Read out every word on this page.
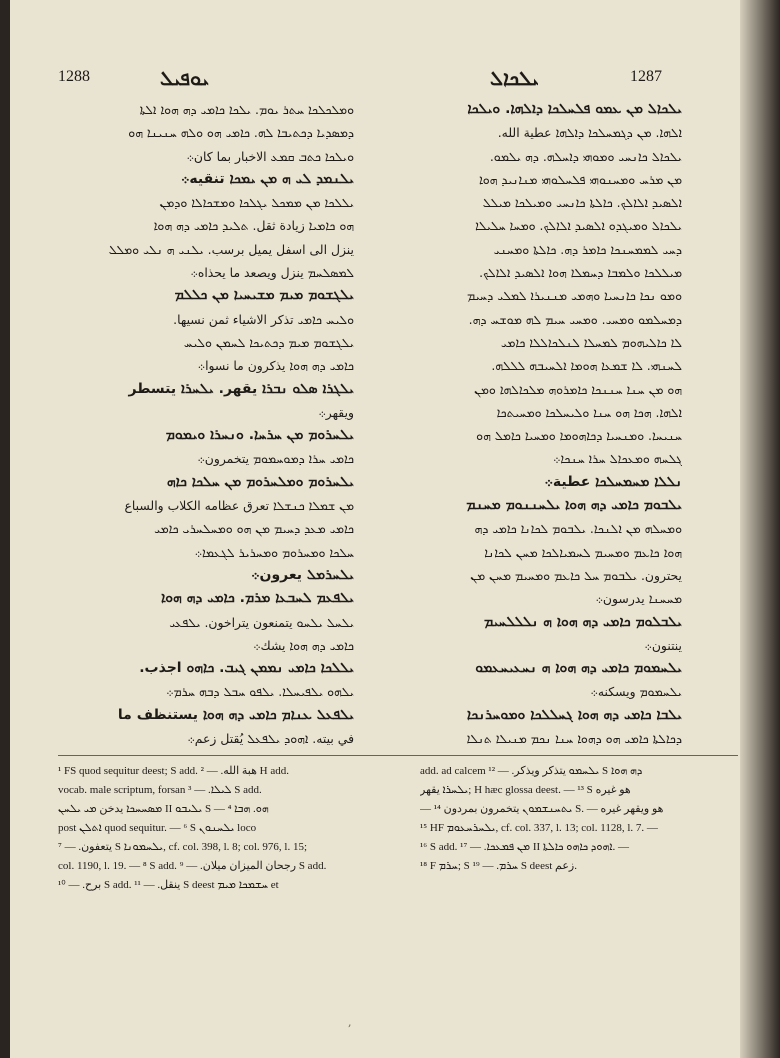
1288	ܝܘܦܝܠ	ܝܠܟܐܠ	1287
ܘܡܠܟܠܟܐ ܚܬܪ ܝܘܡ. ܝܠܟܐ ܟܐܡܝ ܕܗ ܗܘܐ ܐܠܬܐ
ܕܡܣܕܝܐ ܕܟܬܝܒܐ ܠܗ. ܟܐܡܝ ܗܘ ܘܠܗ ܚܢܝܢܐ ܗܘ
ܘܝܠܟܐ ܟܬܒ ܩܡܥ الاخبار بما كان܀
ܝܠܢܡܕ ܠܝ ܗ ܡܢ ܝܡܟܐ تنقيه܀
ܝܠܠܟܐ ܡܢ ܡܡܟܠ ܝܓܠܟܐ ܘܡܫܟܐܠܐ ܘܕܡܢ
ܗܘ ܟܐܡܝܐ زيادة ثقل. ܬܠܝܕ ܟܐܡܝ ܕܗ ܗܘܐ
ينزل الى اسفل يميل برسب. ܝܠܢܝ ܗ ܢܠܝ ܘܡܠܠ
ܠܡܣܠܚܡ ينزل ويصعد ما يحذاه܀
ܝܠܓܫܘܡ ܡܝܡ ܡܫܝܚܝܐ ܡܢ ܟܠܠܡ
ܘܠܝܚ ܟܐܡܝ تذكر الاشياء ثمن نسيها.
ܝܠܓܫܘܡ ܡܝܡ ܕܟܬܝܟܐ ܠܚܡܢ ܘܠܝܚ
ܟܐܡܝ ܕܗ ܗܘܐ يذكرون ما نسوا܀
ܝܠܓܪܐ ܣܠܘ ܢܒܪܐ يقهر. ܝܠܚܪܐ يتسطر
ويقهر܀
ܝܠܚܪܘܡ ܡܢ ܚܪܚܐ. ܘܢܚܪܐ ܘܝܡܘܡ
ܟܐܡܝ ܚܪܐ ܕܡܘܚܡܘܡ يتخمرون܀
ܝܠܚܪܘܡ ܘܡܠܚܪܘܡ ܡܢ ܚܠܟܐ ܟܐܗ
ܡܢ ܫܡܠܐ ܟܢܫܠܐ تعرق عظامه الكلاب والسباع
ܟܐܡܝ ܡܥܕ ܕܚܝܡ ܡܢ ܗܘ ܘܡܚܠܚܪܝ ܟܐܡܝ
ܚܠܟܐ ܘܡܚܪܘܡ ܘܡܚܪܝܪ ܠܓܥܡܐ܀
ܝܠܚܪܡܠ يعرون܀
ܝܠܦܥܡ ܠܚܒܥܐ ܡܪܡ. ܟܐܡܝ ܕܗ ܗܘܐ
ܝܠܚܠ ܝܠܚܘ يتمنعون يتراخون. ܝܠܦܥܝ
ܟܐܡܝ ܕܗ ܗܘܐ يشك܀
ܝܠܠܟܐ ܟܐܡܝ ܢܡܡܢ ܓܝܒ. ܟܐܗܘ اجذب.
ܝܠܗܘ ܝܠܦܝܚܠܐ. ܝܠܦܘ ܚܒܠ ܕܒܗ ܚܪܡ܀
ܝܠܦܥܠ ܥܢܐܡ ܟܐܡܝ ܕܗ ܗܘܐ يستنظف ما
في بيته. ܐܗܘܕ ܝܠܦܥܠ يُقتل زعم܀
ܝܠܟܐܠ ܡܢ ܥܡܘ ܦܠܚܠܟܐ ܕܐܠܗܐ. ܘܝܠܟܐ
ܐܠܗܐ. ܡܢ ܕܓܡܚܠܟܐ ܕܐܠܗܐ عطية الله.
ܝܠܟܐܠ ܟܐܢܚܝ ܘܡܘܗܝ ܕܐܚܠܗ. ܕܗ ܝܠܡܘ.
ܡܢ ܡܪܚ ܘܡܚܢܘܗܝ ܦܠܚܠܘܗܝ ܡܢܐܢܝܕ ܗܘܐ
ܐܠܣܝܕ ܐܠܐܠܟ. ܟܐܠܬܐ ܟܐܢܚܝ ܘܡܝܠܟܐ ܡܝܠܠ
ܝܠܟܐܠ ܘܡܝܓܕܘ ܐܠܣܝܕ ܐܠܐܠܟ. ܘܡܚܐ ܚܠܝܠܐ
ܕܚܝ ܠܡܡܚܢܟܐ ܟܐܡܪ ܕܗ. ܟܐܠܬܐ ܘܡܚܢܝ
ܡܝܠܠܟܐ ܘܠܡܒܐ ܕܚܡܠܐ ܗܘܐ ܐܠܣܝܕ ܐܠܐܠܟ.
ܘܡܘ ܢܟܐ ܟܐܢܚܝܐ ܘܗܡܝ ܡܢܢܝܪܐ ܠܡܠܝ ܕܚܝܡ
ܕܡܚܠܡܘ ܘܡܚܝ. ܘܡܚܝ ܚܝܡ ܠܗ ܡܘܫܚ ܕܗ.
ܠܐ ܟܐܠܝܗܘܡ ܠܡܚܠܐ ܠܢܠܟܐܠܠܐ ܟܐܡܝ
ܠܚܢܗܝ. ܠܐ ܫܡܥܐ ܗܘܡܐ ܐܠܚܝܒܗ ܠܠܠܗ.
ܗܘ ܡܢ ܚܢܐ ܚܢܢܟܐ ܟܐܡܪܘܗ ܡܠܟܐܠܗܐ ܘܡܢ
ܐܠܗܐ. ܗܟܐ ܗܘ ܚܢܐ ܘܠܝܚܠܟܐ ܘܡܚܝܬܟܐ
ܚܢܝܚܐ. ܘܡܢܚܝܐ ܕܟܐܗܘܡܐ ܘܡܚܝܐ ܟܐܡܠ ܗܘ
ܓܠܚܗ ܘܡܥܟܐܠ ܚܪܐ ܚܢܟܐ܀
ܢܠܠܐ ܡܚܡܚܠܟܐ عطية܀
ܝܠܒܘܡ ܟܐܡܝ ܕܗ ܗܘܐ ܝܠܚܢܢܘܡ ܡܚܢܡ
ܘܡܚܠܗ ܡܢ ܐܠܢܟܐ. ܝܠܒܘܡ ܠܟܐܢܐ ܟܐܡܝ ܕܗ
ܗܘܐ ܟܐܥܡ ܘܡܚܝܡ ܠܚܡܝܐܠܟܐ ܡܚܢ ܠܟܐܢܐ
يحترون. ܝܠܒܘܡ ܚܠ ܟܐܥܡ ܘܡܚܝܡ ܡܚܢ ܡܢ
ܡܚܚܢܐ يدرسون܀
ܝܠܒܠܘܡ ܟܐܡܝ ܕܗ ܗܘܐ ܗ ܢܠܠܠܚܝܡ
ينتنون܀
ܝܠܚܡܘܡ ܟܐܡܝ ܕܗ ܗܘܐ ܗ ܢܚܥܝܚܥܡܘ
ܝܠܚܡܘܡ ويسكنه܀
ܝܠܒܐ ܟܐܡܝ ܕܗ ܗܘܐ ܓܚܠܠܟܐ ܘܡܘܚܪܢܟܐ
ܕܟܐܠܬܐ ܟܐܡܝ ܗܘ ܕܗܘܐ ܚܢܐ ܢܟܡ ܡܢܝܠܐ ܬܢܠܐ
¹ FS quod sequitur deest; S add. هبة الله. — ² H add.
vocab. male scriptum, forsan ܠܝܠܐ. — ³ S add.
ܡܣܚܚܟܐ يدخن ܡܝ ܝܠܚܢ II ܝܠܝܒܘ S — ⁴ ܗܘ. ܗܒܐ
post ܐܬܠܢ quod sequitur. — ⁶ S ܝܠܚܢܘܢ loco
يتعفون. — ⁷ S ܝܠܚܡܘܢܐ, cf. col. 398, l. 8; col. 976, l. 15;
col. 1190, l. 19. — ⁸ S add. رجحان الميزان ميلان. — ⁹ S add.
برح. — ¹⁰ S add. ينقل. — ¹¹ S deest ܚܫܡܟܐ ܡܝܡ et
add. ad calcem ܝܠܚܡܘ يتذكر ويذكر. — ¹² S ܕܗ ܗܘܐ
ܝܠܚܪܐ يقهر; H hæc glossa deest. — ¹³ S هو غيره
— ܝܬܚܢܫܡܘܢ يتخمرون بمردون ¹⁴ S. — هو ويقهر غيره
¹⁵ HF ܝܠܚܪܚܥܘܡ, cf. col. 337, l. 13; col. 1128, l. 7. —
¹⁶ S add. ܡܢ ܦܡܥܟܐ. — ¹⁷ II ܐܗܘܕ ܟܐܗܘ ܟܐܠܬܐ. —
¹⁸ F ܚܪܡ; S ܚܪܡ. — ¹⁹ S deest زعم.
,
